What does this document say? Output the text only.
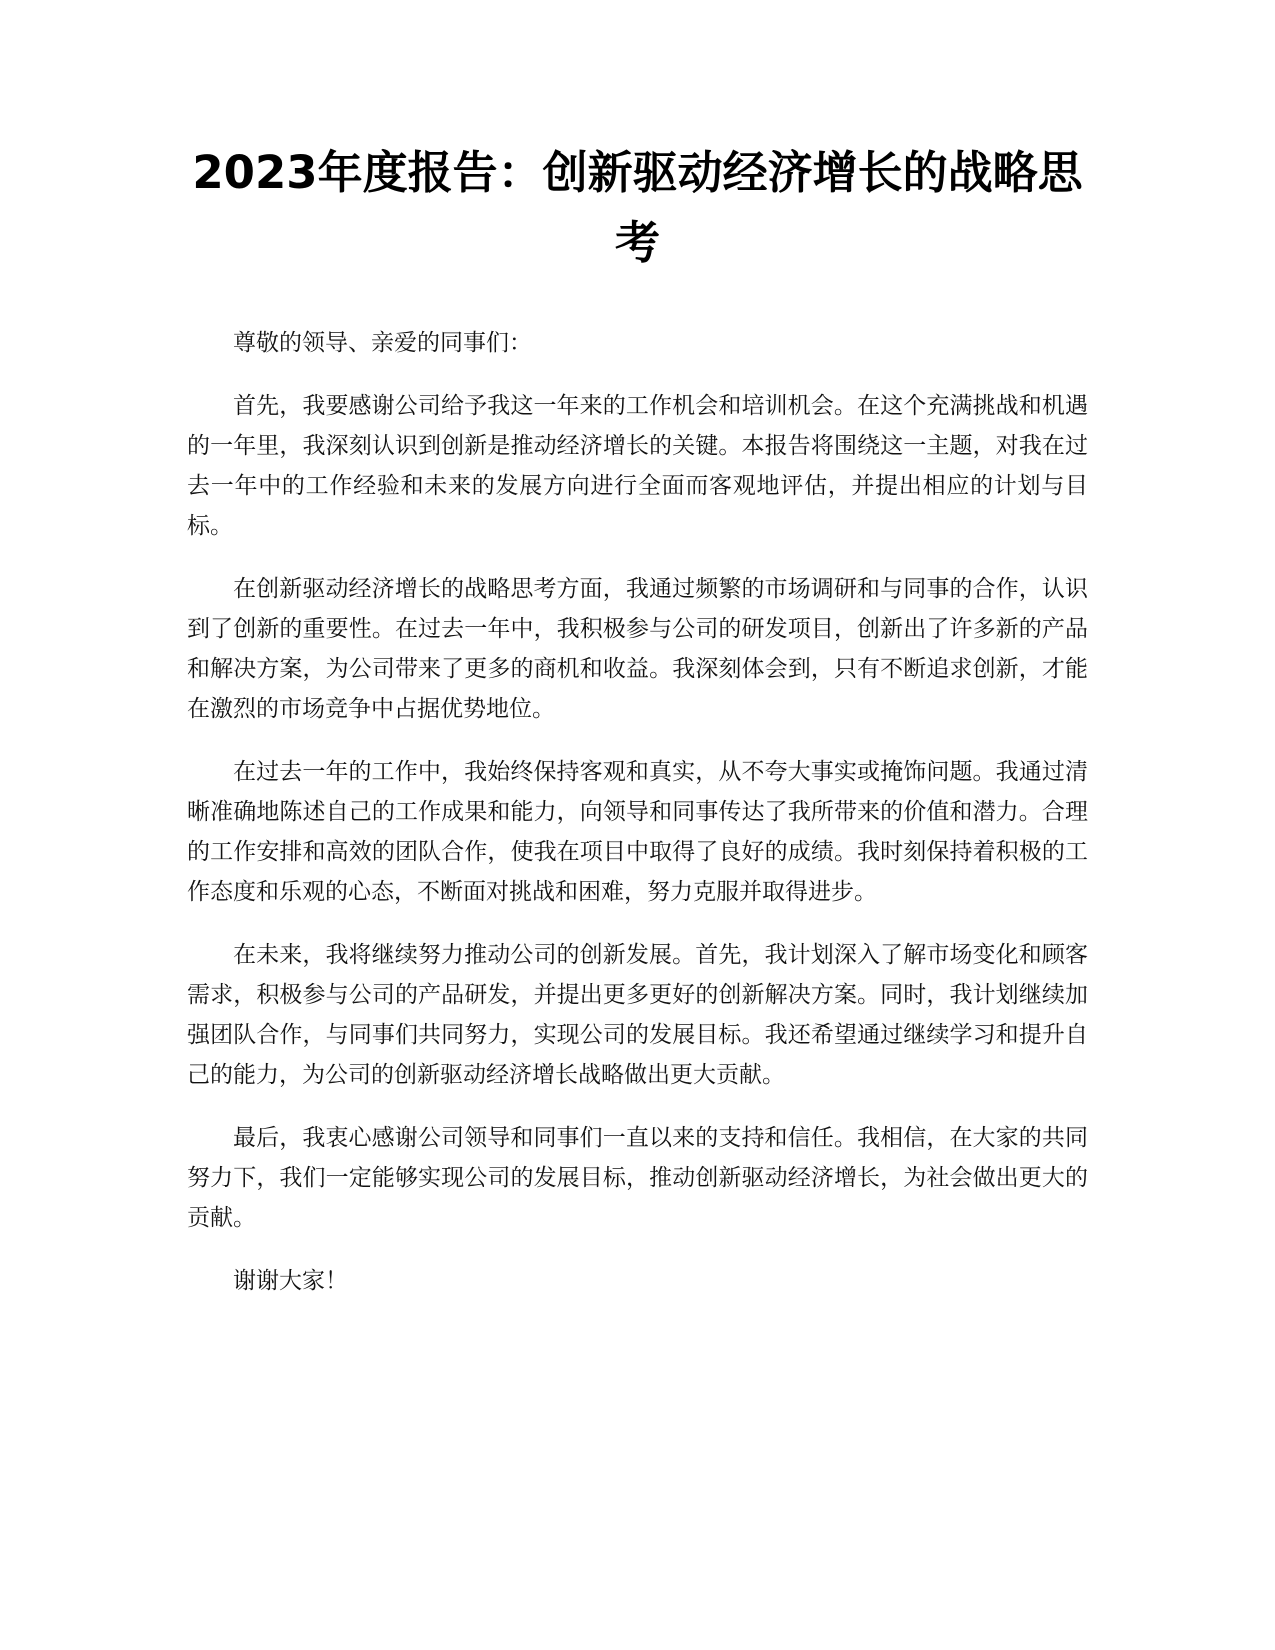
2023年度报告：创新驱动经济增长的战略思考

尊敬的领导、亲爱的同事们：

首先，我要感谢公司给予我这一年来的工作机会和培训机会。在这个充满挑战和机遇的一年里，我深刻认识到创新是推动经济增长的关键。本报告将围绕这一主题，对我在过去一年中的工作经验和未来的发展方向进行全面而客观地评估，并提出相应的计划与目标。

在创新驱动经济增长的战略思考方面，我通过频繁的市场调研和与同事的合作，认识到了创新的重要性。在过去一年中，我积极参与公司的研发项目，创新出了许多新的产品和解决方案，为公司带来了更多的商机和收益。我深刻体会到，只有不断追求创新，才能在激烈的市场竞争中占据优势地位。

在过去一年的工作中，我始终保持客观和真实，从不夸大事实或掩饰问题。我通过清晰准确地陈述自己的工作成果和能力，向领导和同事传达了我所带来的价值和潜力。合理的工作安排和高效的团队合作，使我在项目中取得了良好的成绩。我时刻保持着积极的工作态度和乐观的心态，不断面对挑战和困难，努力克服并取得进步。

在未来，我将继续努力推动公司的创新发展。首先，我计划深入了解市场变化和顾客需求，积极参与公司的产品研发，并提出更多更好的创新解决方案。同时，我计划继续加强团队合作，与同事们共同努力，实现公司的发展目标。我还希望通过继续学习和提升自己的能力，为公司的创新驱动经济增长战略做出更大贡献。

最后，我衷心感谢公司领导和同事们一直以来的支持和信任。我相信，在大家的共同努力下，我们一定能够实现公司的发展目标，推动创新驱动经济增长，为社会做出更大的贡献。

谢谢大家！
